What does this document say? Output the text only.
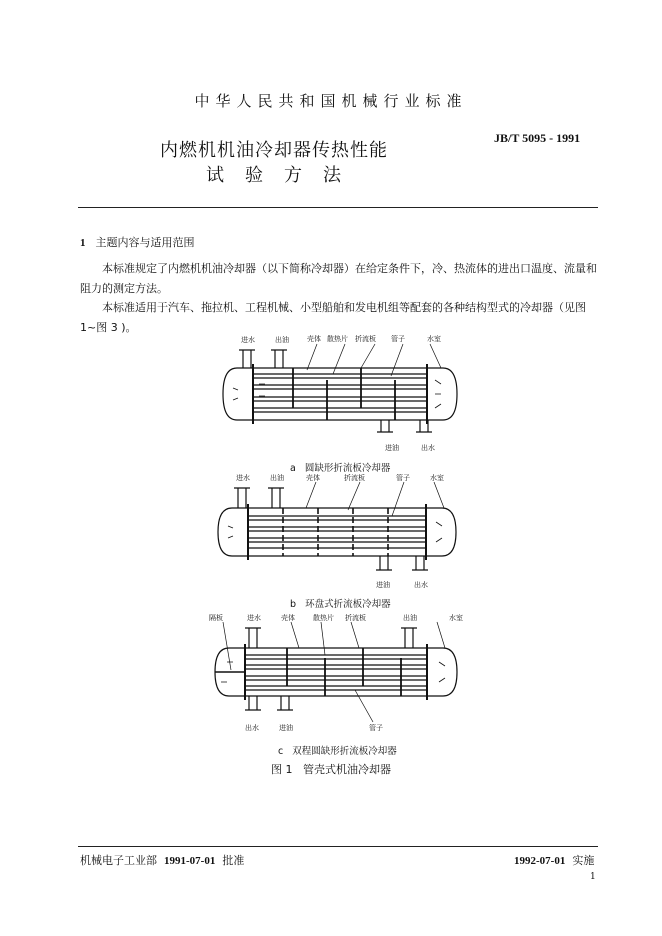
中华人民共和国机械行业标准
内燃机机油冷却器传热性能
试验方法
JB/T 5095 - 1991
1 主题内容与适用范围
本标准规定了内燃机机油冷却器（以下简称冷却器）在给定条件下，冷、热流体的进出口温度、流量和阻力的测定方法。
本标准适用于汽车、拖拉机、工程机械、小型船舶和发电机组等配套的各种结构型式的冷却器（见图 1~图 3 )。
进水	出油	壳体 散热片 折流板 管子	水室
进油	出水
a 圆缺形折流板冷却器
进水	出油	壳体	折流板	管子	水室
进油	出水
b 环盘式折流板冷却器
隔板	进水	壳体	散热片 折流板	出油	水室
出水	进油	管子
c 双程圆缺形折流板冷却器
图 1 管壳式机油冷却器
机械电子工业部 1991-07-01 批准	1992-07-01 实施
1
